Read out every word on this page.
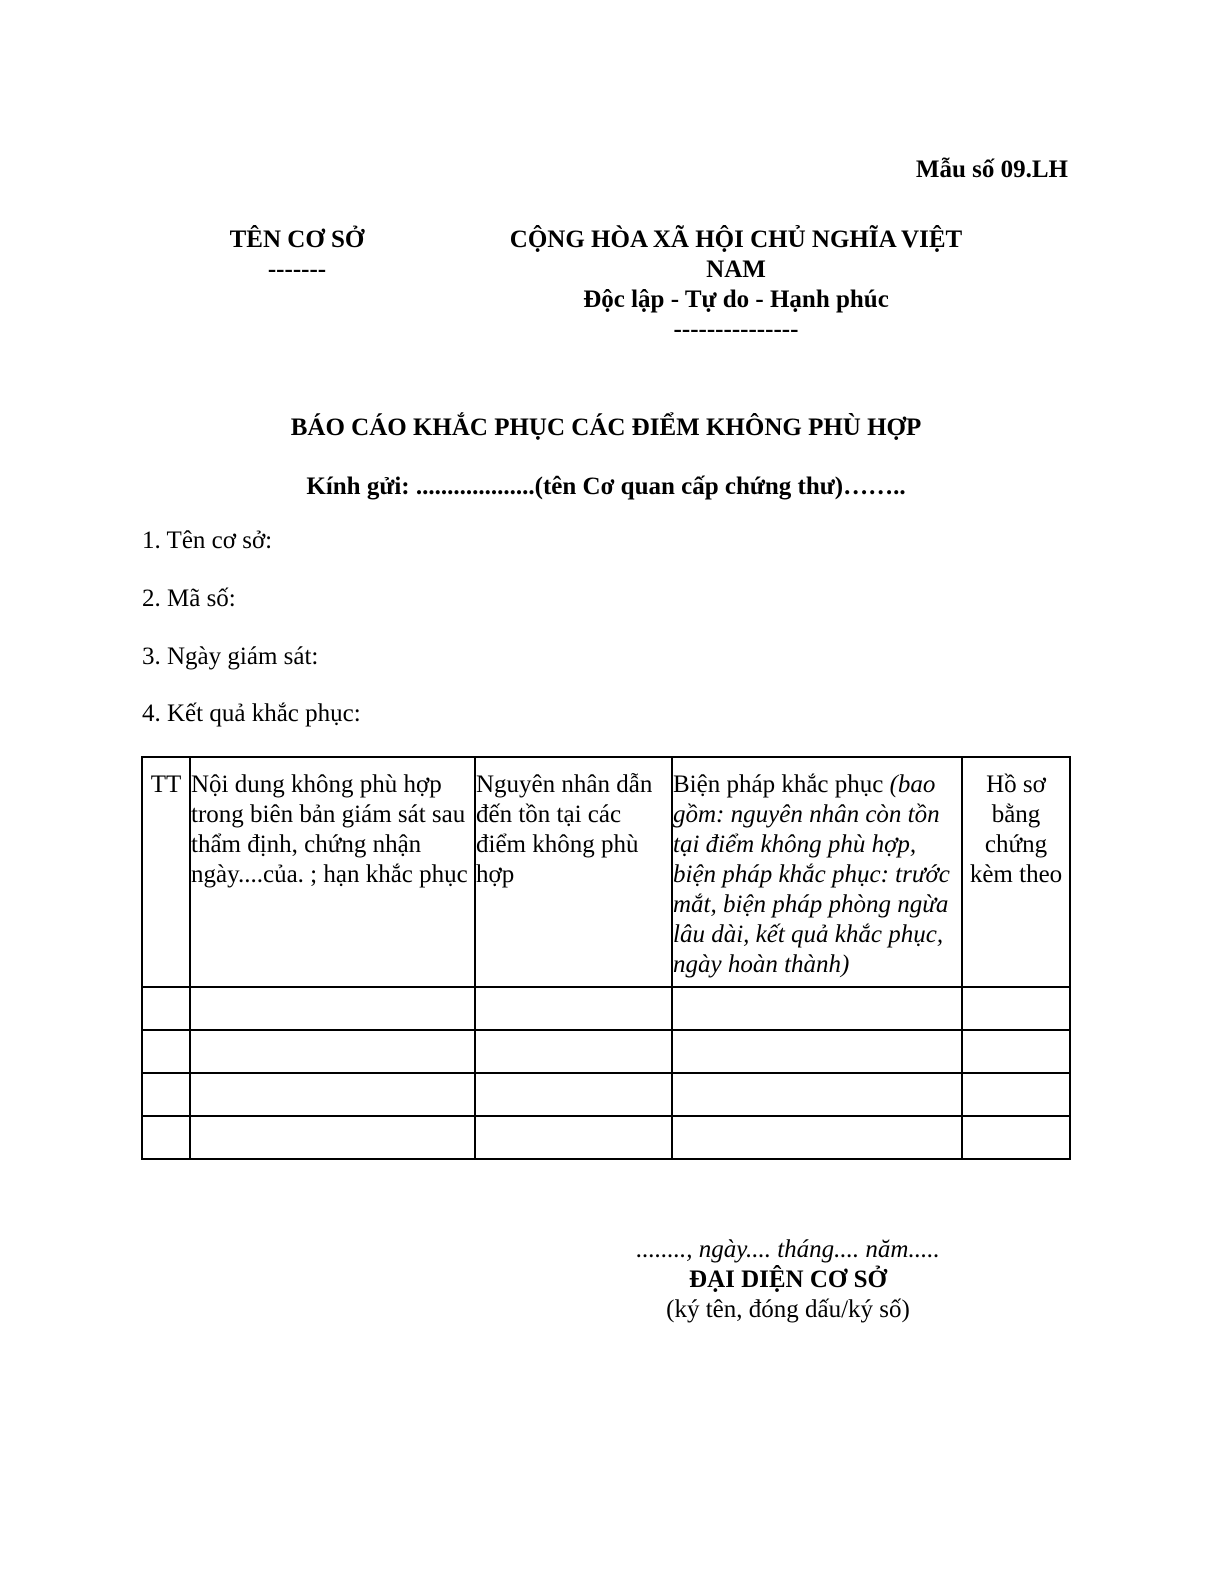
Mẫu số 09.LH
TÊN CƠ SỞ
-------
CỘNG HÒA XÃ HỘI CHỦ NGHĨA VIỆT
NAM
Độc lập - Tự do - Hạnh phúc
---------------
BÁO CÁO KHẮC PHỤC CÁC ĐIỂM KHÔNG PHÙ HỢP
Kính gửi: ...................(tên Cơ quan cấp chứng thư)……..
1. Tên cơ sở:
2. Mã số:
3. Ngày giám sát:
4. Kết quả khắc phục:
TT	Nội dung không phù hợp trong biên bản giám sát sau thẩm định, chứng nhận ngày....của. ; hạn khắc phục	Nguyên nhân dẫn đến tồn tại các điểm không phù hợp	Biện pháp khắc phục (bao gồm: nguyên nhân còn tồn tại điểm không phù hợp, biện pháp khắc phục: trước mắt, biện pháp phòng ngừa lâu dài, kết quả khắc phục, ngày hoàn thành)	Hồ sơ bằng chứng kèm theo

........, ngày.... tháng.... năm.....
ĐẠI DIỆN CƠ SỞ
(ký tên, đóng dấu/ký số)
